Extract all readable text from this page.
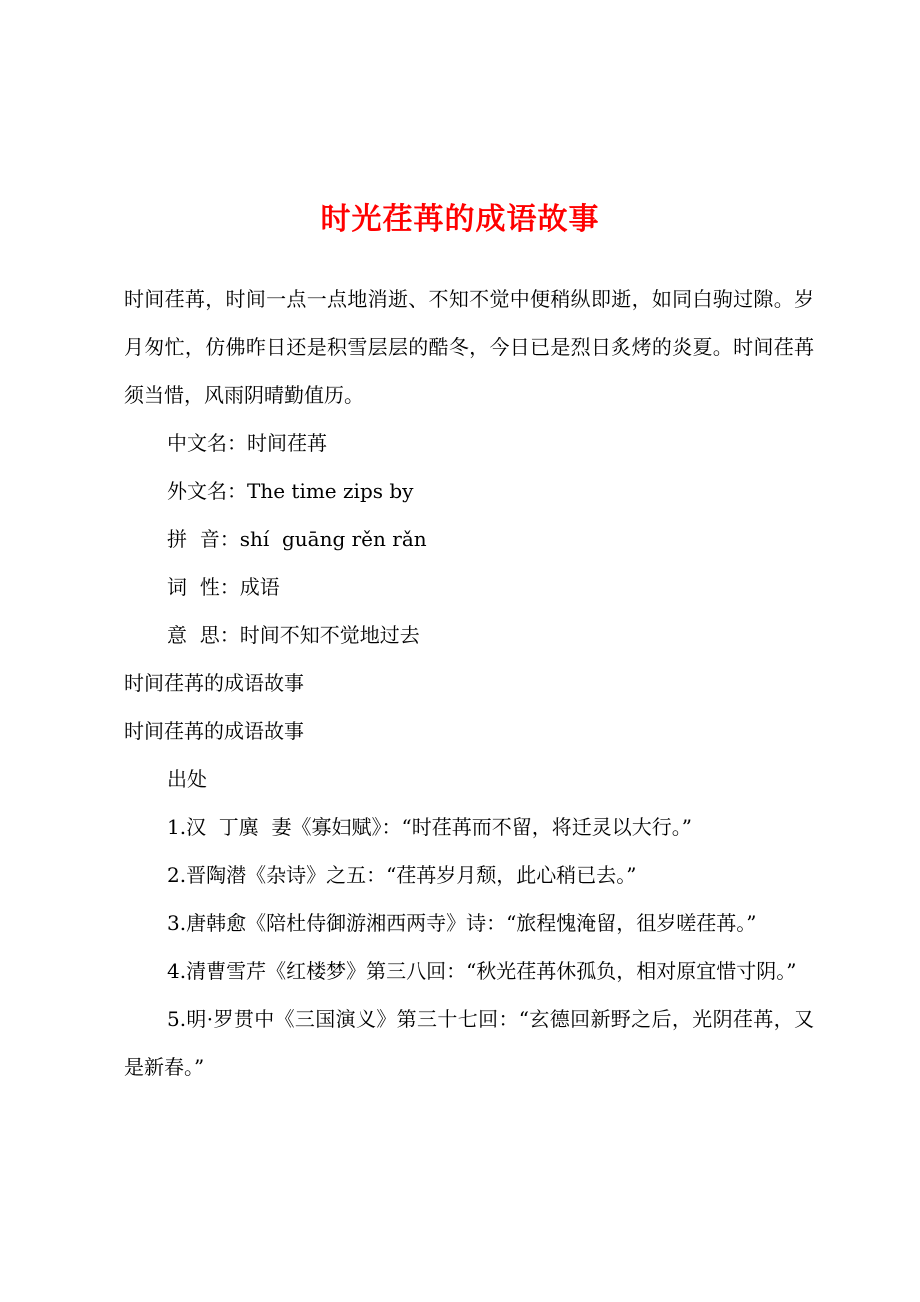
时光荏苒的成语故事

时间荏苒，时间一点一点地消逝、不知不觉中便稍纵即逝，如同白驹过隙。岁月匆忙，仿佛昨日还是积雪层层的酷冬，今日已是烈日炙烤的炎夏。时间荏苒须当惜，风雨阴晴勤值历。

中文名：时间荏苒

外文名：The time zips by

拼  音：shí  guāng rěn rǎn

词  性：成语

意  思：时间不知不觉地过去

时间荏苒的成语故事

时间荏苒的成语故事

出处

1.汉  丁廙  妻《寡妇赋》：“时荏苒而不留，将迁灵以大行。”

2.晋陶潜《杂诗》之五：“荏苒岁月颓，此心稍已去。”

3.唐韩愈《陪杜侍御游湘西两寺》诗：“旅程愧淹留，徂岁嗟荏苒。”

4.清曹雪芹《红楼梦》第三八回：“秋光荏苒休孤负，相对原宜惜寸阴。”

5.明·罗贯中《三国演义》第三十七回：“玄德回新野之后，光阴荏苒，又是新春。”
